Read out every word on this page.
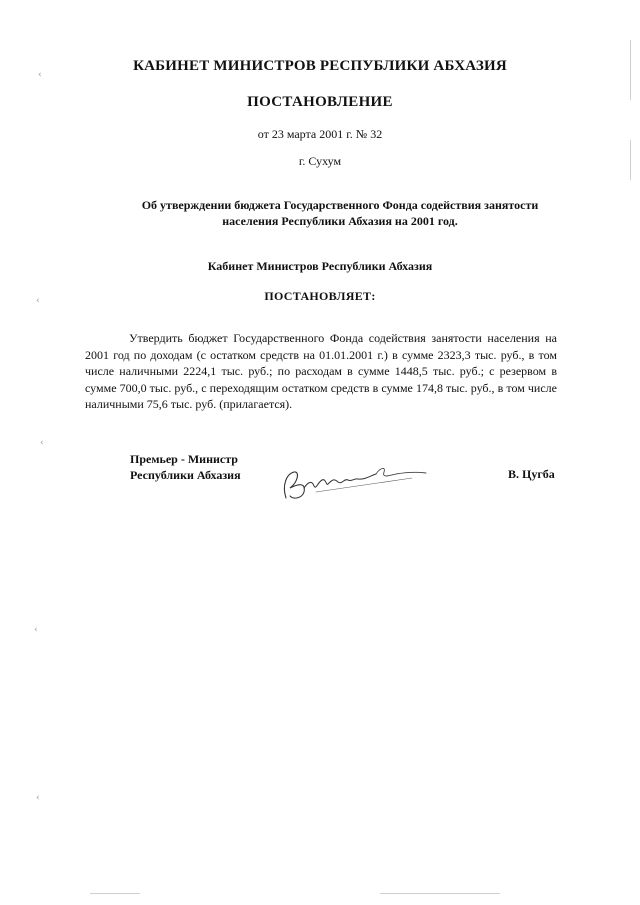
КАБИНЕТ МИНИСТРОВ РЕСПУБЛИКИ АБХАЗИЯ
ПОСТАНОВЛЕНИЕ
от 23 марта 2001 г. № 32
г. Сухум
Об утверждении бюджета Государственного Фонда содействия занятости
населения Республики Абхазия на 2001 год.
Кабинет Министров Республики Абхазия
ПОСТАНОВЛЯЕТ:

Утвердить бюджет Государственного Фонда содействия занятости населения на 2001 год по доходам (с остатком средств на 01.01.2001 г.) в сумме 2323,3 тыс. руб., в том числе наличными 2224,1 тыс. руб.; по расходам в сумме 1448,5 тыс. руб.; с резервом в сумме 700,0 тыс. руб., с переходящим остатком средств в сумме 174,8 тыс. руб., в том числе наличными 75,6 тыс. руб. (прилагается).

Премьер - Министр
Республики Абхазия	В. Цугба
‹
‹
‹
‹
‹
